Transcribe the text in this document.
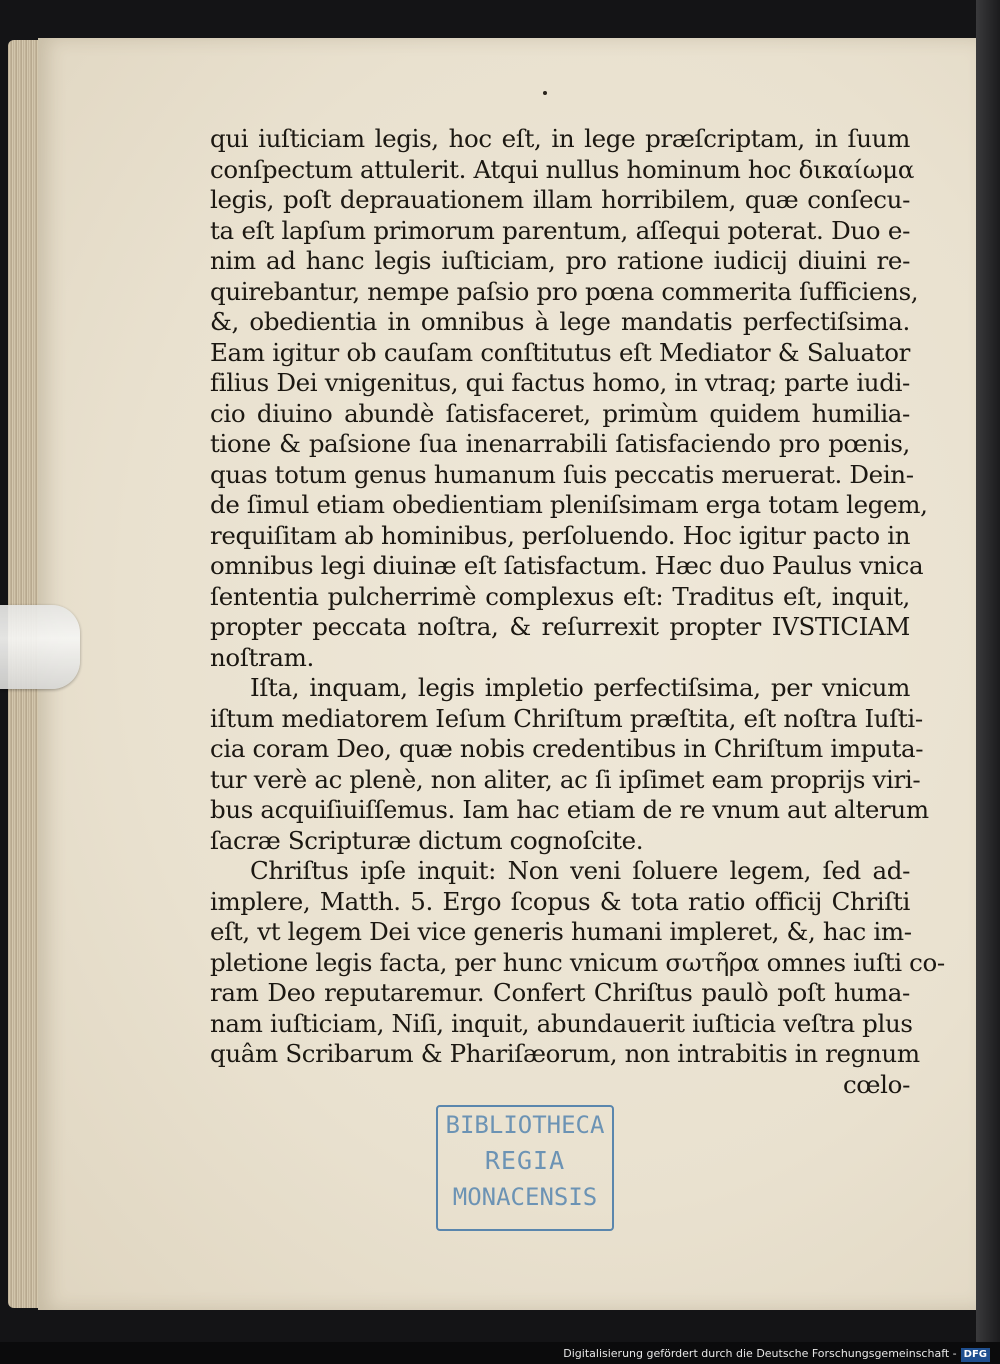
qui iuſticiam legis, hoc eſt, in lege præſcriptam, in ſuum
conſpectum attulerit. Atqui nullus hominum hoc δικαίωμα
legis, poſt deprauationem illam horribilem, quæ conſecu-
ta eſt lapſum primorum parentum, aſſequi poterat. Duo e-
nim ad hanc legis iuſticiam, pro ratione iudicij diuini re-
quirebantur, nempe paſsio pro pœna commerita ſufficiens,
&, obedientia in omnibus à lege mandatis perfectiſsima.
Eam igitur ob cauſam conſtitutus eſt Mediator & Saluator
filius Dei vnigenitus, qui factus homo, in vtraq; parte iudi-
cio diuino abundè ſatisfaceret, primùm quidem humilia-
tione & paſsione ſua inenarrabili ſatisfaciendo pro pœnis,
quas totum genus humanum ſuis peccatis meruerat. Dein-
de ſimul etiam obedientiam pleniſsimam erga totam legem,
requiſitam ab hominibus, perſoluendo. Hoc igitur pacto in
omnibus legi diuinæ eſt ſatisfactum. Hæc duo Paulus vnica
ſententia pulcherrimè complexus eſt: Traditus eſt, inquit,
propter peccata noſtra, & reſurrexit propter IVSTICIAM
noſtram.
Iſta, inquam, legis impletio perfectiſsima, per vnicum
iſtum mediatorem Ieſum Chriſtum præſtita, eſt noſtra Iuſti-
cia coram Deo, quæ nobis credentibus in Chriſtum imputa-
tur verè ac plenè, non aliter, ac ſi ipſimet eam proprijs viri-
bus acquiſiuiſſemus. Iam hac etiam de re vnum aut alterum
ſacræ Scripturæ dictum cognoſcite.
Chriſtus ipſe inquit: Non veni ſoluere legem, ſed ad-
implere, Matth. 5. Ergo ſcopus & tota ratio officij Chriſti
eſt, vt legem Dei vice generis humani impleret, &, hac im-
pletione legis facta, per hunc vnicum σωτῆρα omnes iuſti co-
ram Deo reputaremur. Confert Chriſtus paulò poſt huma-
nam iuſticiam, Niſi, inquit, abundauerit iuſticia veſtra plus
quâm Scribarum & Phariſæorum, non intrabitis in regnum
cœlo-
BIBLIOTHECA
REGIA
MONACENSIS
Digitalisierung gefördert durch die Deutsche Forschungsgemeinschaft - DFG
